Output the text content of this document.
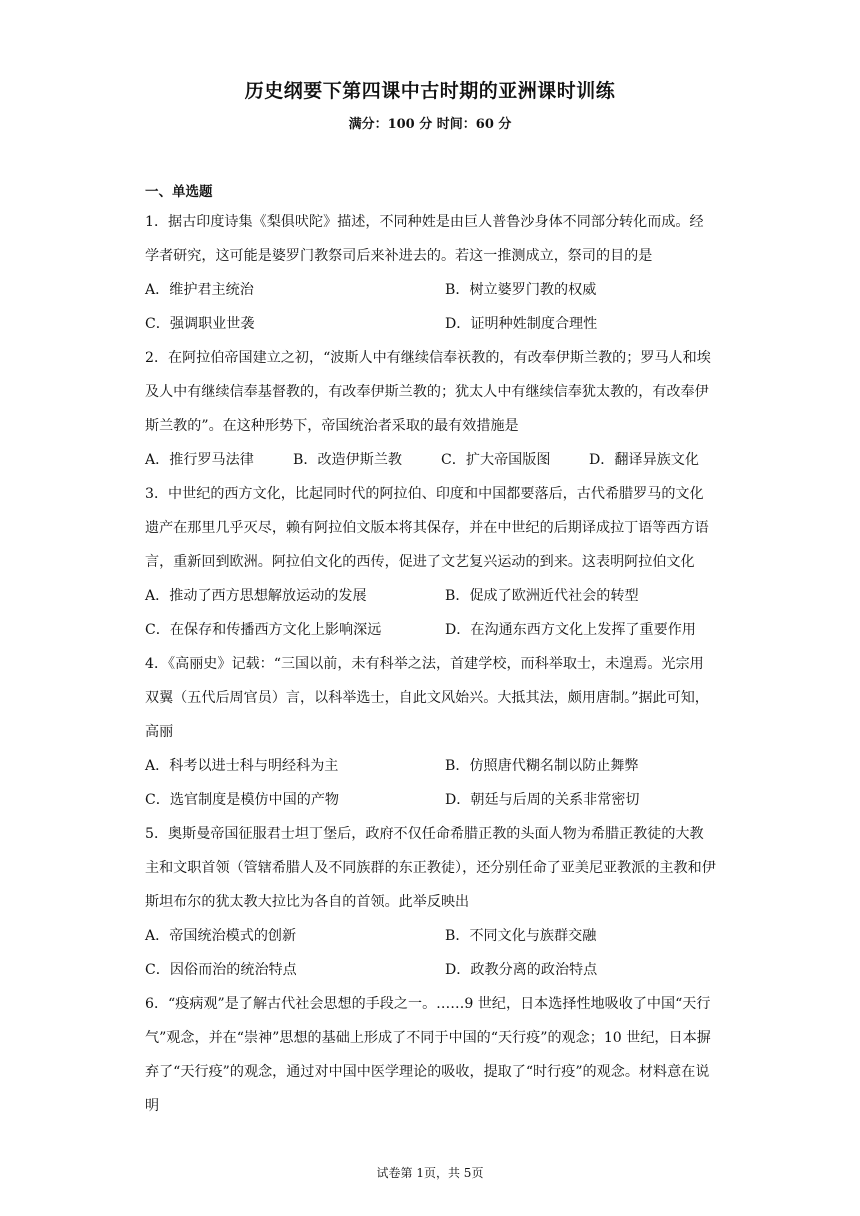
历史纲要下第四课中古时期的亚洲课时训练
满分：100 分 时间：60 分
一、单选题

1．据古印度诗集《梨俱吠陀》描述，不同种姓是由巨人普鲁沙身体不同部分转化而成。经学者研究，这可能是婆罗门教祭司后来补进去的。若这一推测成立，祭司的目的是

A．维护君主统治	B．树立婆罗门教的权威
C．强调职业世袭	D．证明种姓制度合理性

2．在阿拉伯帝国建立之初，“波斯人中有继续信奉祆教的，有改奉伊斯兰教的；罗马人和埃及人中有继续信奉基督教的，有改奉伊斯兰教的；犹太人中有继续信奉犹太教的，有改奉伊斯兰教的”。在这种形势下，帝国统治者采取的最有效措施是

A．推行罗马法律	B．改造伊斯兰教	C．扩大帝国版图	D．翻译异族文化

3．中世纪的西方文化，比起同时代的阿拉伯、印度和中国都要落后，古代希腊罗马的文化遗产在那里几乎灭尽，赖有阿拉伯文版本将其保存，并在中世纪的后期译成拉丁语等西方语言，重新回到欧洲。阿拉伯文化的西传，促进了文艺复兴运动的到来。这表明阿拉伯文化

A．推动了西方思想解放运动的发展	B．促成了欧洲近代社会的转型
C．在保存和传播西方文化上影响深远	D．在沟通东西方文化上发挥了重要作用

4．《高丽史》记载：“三国以前，未有科举之法，首建学校，而科举取士，未遑焉。光宗用双翼（五代后周官员）言，以科举选士，自此文风始兴。大抵其法，颇用唐制。”据此可知，高丽

A．科考以进士科与明经科为主	B．仿照唐代糊名制以防止舞弊
C．选官制度是模仿中国的产物	D．朝廷与后周的关系非常密切

5．奥斯曼帝国征服君士坦丁堡后，政府不仅任命希腊正教的头面人物为希腊正教徒的大教主和文职首领（管辖希腊人及不同族群的东正教徒），还分别任命了亚美尼亚教派的主教和伊斯坦布尔的犹太教大拉比为各自的首领。此举反映出

A．帝国统治模式的创新	B．不同文化与族群交融
C．因俗而治的统治特点	D．政教分离的政治特点

6．“疫病观”是了解古代社会思想的手段之一。……9 世纪，日本选择性地吸收了中国“天行气”观念，并在“崇神”思想的基础上形成了不同于中国的“天行疫”的观念；10 世纪，日本摒弃了“天行疫”的观念，通过对中国中医学理论的吸收，提取了“时行疫”的观念。材料意在说明

试卷第 1页，共 5页
